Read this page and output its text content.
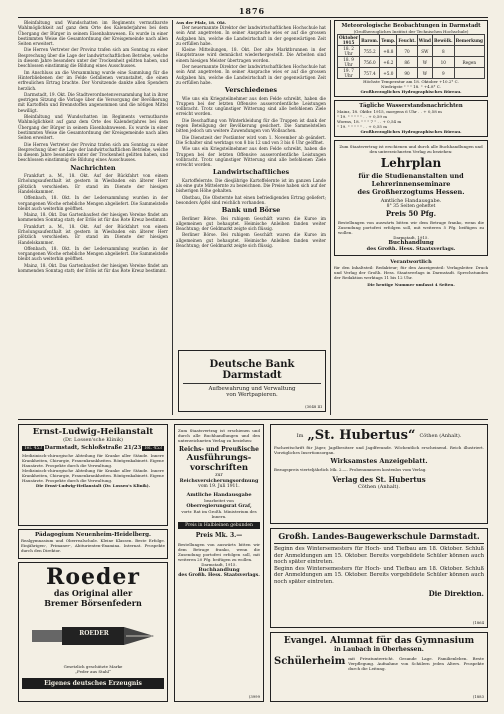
1876

Bleinfaltung und Wundschatten im Regiments vermutbarste Wahlmöglichkeit auf ganz dem Orte des Kalenderjahres bei dem Übergang der Bürger in seinem Eisenbahnwesen. Es wurde in einer bestimmten Weise die Gesamtordnung der Kreisgemeinde nach allen Seiten erweitert.

Die Herren Vertreter der Provinz trafen sich am Sonntag zu einer Besprechung über die Lage der landwirtschaftlichen Betriebe, welche in diesem Jahre besonders unter der Trockenheit gelitten haben, und beschlossen einstimmig die Bildung eines Ausschusses.

Im Anschluss an die Versammlung wurde eine Sammlung für die Hinterbliebenen der im Felde Gefallenen veranstaltet, die einen erfreulichen Ertrag brachte. Der Vorsitzende dankte allen Spendern herzlich.

Darmstadt, 19. Okt. Die Stadtverordnetenversammlung hat in ihrer gestrigen Sitzung die Vorlage über die Versorgung der Bevölkerung mit Kartoffeln und Brennstoffen angenommen und die nötigen Mittel bewilligt.

Bleinfaltung und Wundschatten im Regiments vermutbarste Wahlmöglichkeit auf ganz dem Orte des Kalenderjahres bei dem Übergang der Bürger in seinem Eisenbahnwesen. Es wurde in einer bestimmten Weise die Gesamtordnung der Kreisgemeinde nach allen Seiten erweitert.

Die Herren Vertreter der Provinz trafen sich am Sonntag zu einer Besprechung über die Lage der landwirtschaftlichen Betriebe, welche in diesem Jahre besonders unter der Trockenheit gelitten haben, und beschlossen einstimmig die Bildung eines Ausschusses.

Nachrichten

Frankfurt a. M., 18. Okt. Auf der Rückfahrt von einem Erholungsaufenthalt ist gestern in Wiesbaden ein älterer Herr plötzlich verschieden. Er stand im Dienste der hiesigen Handelskammer.

Offenbach, 18. Okt. In der Ledersammlung wurden in der vergangenen Woche erhebliche Mengen abgeliefert. Die Sammelstelle bleibt auch weiterhin geöffnet.

Mainz, 18. Okt. Das Gartenbaufest der hiesigen Vereine findet am kommenden Sonntag statt; der Erlös ist für das Rote Kreuz bestimmt.

Frankfurt a. M., 18. Okt. Auf der Rückfahrt von einem Erholungsaufenthalt ist gestern in Wiesbaden ein älterer Herr plötzlich verschieden. Er stand im Dienste der hiesigen Handelskammer.

Offenbach, 18. Okt. In der Ledersammlung wurden in der vergangenen Woche erhebliche Mengen abgeliefert. Die Sammelstelle bleibt auch weiterhin geöffnet.

Mainz, 18. Okt. Das Gartenbaufest der hiesigen Vereine findet am kommenden Sonntag statt; der Erlös ist für das Rote Kreuz bestimmt.

Aus der Pfalz, 18. Okt.

Der neuernannte Direktor der landwirtschaftlichen Hochschule hat sein Amt angetreten. In seiner Ansprache wies er auf die grossen Aufgaben hin, welche die Landwirtschaft in der gegenwärtigen Zeit zu erfüllen habe.

Kleine Mitteilungen, 18. Okt. Der alte Marktbrunnen in der Hauptstrasse wird demnächst wiederhergestellt. Die Arbeiten sind einem hiesigen Meister übertragen worden.

Der neuernannte Direktor der landwirtschaftlichen Hochschule hat sein Amt angetreten. In seiner Ansprache wies er auf die grossen Aufgaben hin, welche die Landwirtschaft in der gegenwärtigen Zeit zu erfüllen habe.

Verschiedenes

Wie uns ein Kriegsteilnehmer aus dem Felde schreibt, haben die Truppen bei der letzten Offensive ausserordentliche Leistungen vollbracht. Trotz ungünstiger Witterung sind alle befohlenen Ziele erreicht worden.

Die Beschaffung von Winterkleidung für die Truppen ist dank der regen Beteiligung der Bevölkerung gesichert. Die Sammelstellen bitten jedoch um weitere Zuwendungen von Wollsachen.

Die Dienstzeit der Postämter wird vom 1. November ab geändert. Die Schalter sind werktags von 8 bis 12 und von 3 bis 6 Uhr geöffnet.

Wie uns ein Kriegsteilnehmer aus dem Felde schreibt, haben die Truppen bei der letzten Offensive ausserordentliche Leistungen vollbracht. Trotz ungünstiger Witterung sind alle befohlenen Ziele erreicht worden.

Landwirtschaftliches

Kartoffelernte. Die diesjährige Kartoffelernte ist im ganzen Lande als eine gute Mittelernte zu bezeichnen. Die Preise haben sich auf der bisherigen Höhe gehalten.

Obstbau. Die Obsternte hat einen befriedigenden Ertrag geliefert; besonders Äpfel sind reichlich vorhanden.

Bank und Börse

Berliner Börse. Bei ruhigem Geschäft waren die Kurse im allgemeinen gut behauptet. Heimische Anleihen fanden weiter Beachtung; der Geldmarkt zeigte sich flüssig.

Berliner Börse. Bei ruhigem Geschäft waren die Kurse im allgemeinen gut behauptet. Heimische Anleihen fanden weiter Beachtung; der Geldmarkt zeigte sich flüssig.

Deutsche Bank Darmstadt
Aufbewahrung und Verwaltung
von Wertpapieren.
(3048 III
Meteorologische Beobachtungen in Darmstadt
(Großherzogliches Institut der Technischen Hochschule)
Oktober 1915	Barom.	Temp.	Feucht.	Wind	Bewölk.	Bemerkung
18. 2 Uhr	755.2	+8.8	70	SW	8	
18. 9 Uhr	756.0	+6.2	86	W	10	Regen
19. 7 Uhr	757.4	+5.0	90	W	9	
Höchste Temperatur am 18. Oktober +10.2° C.
Niedrigste " " " 18. " +4.8° C.
Großherzogliches Hydrographisches Büreau.
Tägliche Wasserstandsnachrichten
Mainz, 18. Oktbr. 1915, morgens 6 Uhr . . + 0,58 m
" 19. " " " " " . . + 0,59 m
Worms, 18. " " " 7 " . . + 0,54 m
" 19. " " " " " . . + 0,55 m
Großherzogliches Hydrographisches Büreau.
Zum Staatsvertrag ist erschienen und durch alle Buchhandlungen und den unterzeichneten Verlag zu beziehen:
Lehrplan
für die Studienanstalten und
Lehrerinnenseminare
des Großherzogtums Hessen.
Amtliche Handausgabe.
8° 35 Seiten geheftet
Preis 50 Pfg.
Bestellungen von auswärts bitten wir dem Betrage franko, wenn die Zusendung portofrei erfolgen soll, mit weiteren 5 Pfg. beifügen zu wollen.
Darmstadt, 1915.
Buchhandlung
des Großh. Hess. Staatsverlags.
Verantwortlich
für den Inhaltsteil: Redakteur; für den Anzeigenteil: Verlagsleiter. Druck und Verlag der Großh. Hess. Staatsverlags in Darmstadt. Sprechstunden der Redaktion werktags 11 bis 12 Uhr.
Die heutige Nummer umfasst 4 Seiten.
Ernst-Ludwig-Heilanstalt
(Dr. Lossen'sche Klinik)
Tel. 453 Darmstadt, Schloßstraße 21/23 Tel. 453
Medizinisch-chirurgische Abteilung für Kranke aller Stände. Innere Krankheiten, Chirurgie, Frauenkrankheiten. Röntgenkabinett. Eigene Hausärzte. Prospekte durch die Verwaltung.
Medizinisch-chirurgische Abteilung für Kranke aller Stände. Innere Krankheiten, Chirurgie, Frauenkrankheiten. Röntgenkabinett. Eigene Hausärzte. Prospekte durch die Verwaltung.
Die Ernst-Ludwig-Heilanstalt (Dr. Lossen's Klinik).
Pädagogium Neuenheim-Heidelberg.
Realgymnasium und Oberrealschule. Kleine Klassen. Beste Erfolge. Einjährigen-, Primaner-, Abiturienten-Examina. Internat. Prospekte durch den Direktor.
Roeder
das Original aller
Bremer Börsenfedern
ROEDER
Gesetzlich geschützte Marke
„Feder aus Stahl“
Eigenes deutsches Erzeugnis
Zum Staatsvertrag ist erschienen und durch alle Buchhandlungen und den unterzeichneten Verlag zu beziehen:
Reichs- und Preußische
Ausführungs-
vorschriften
zur
Reichsversicherungsordnung
vom 19. Juli 1911.
Amtliche Handausgabe
bearbeitet von
Oberregierungsrat Graf,
vortr. Rat im Großh. Ministerium des Innern.
Preis in Halbleinen gebunden
Preis Mk. 3.—
Bestellungen von auswärts bitten wir dem Betrage franko, wenn die Zusendung portofrei erfolgen soll, mit weiteren 20 Pfg. beifügen zu wollen.
Darmstadt, 1915.
Buchhandlung
des Großh. Hess. Staatsverlags.
(3999
Im „St. Hubertus“ Cöthen (Anhalt).
Fachzeitschrift für Jäger, Jagdbesitzer und Jagdfreunde. Wöchentlich erscheinend. Reich illustriert. Vorzügliches Insertionsorgan.
Wirksamstes Anzeigeblatt.
Bezugspreis vierteljährlich Mk. 2.—. Probenummern kostenlos vom Verlag.
Verlag des St. Hubertus
Cöthen (Anhalt).
Großh. Landes-Baugewerkschule Darmstadt.
Beginn des Wintersemesters für Hoch- und Tiefbau am 18. Oktober. Schluß der Anmeldungen am 15. Oktober. Bereits vorgebildete Schüler können auch noch später eintreten.
Beginn des Wintersemesters für Hoch- und Tiefbau am 18. Oktober. Schluß der Anmeldungen am 15. Oktober. Bereits vorgebildete Schüler können auch noch später eintreten.
Die Direktion.
(1864
Evangel. Alumnat für das Gymnasium
in Laubach in Oberhessen.
Schülerheim mit Privatunterricht. Gesunde Lage. Familienleben. Beste Verpflegung. Aufnahme von Schülern jeden Alters. Prospekte durch die Leitung.
(1883
